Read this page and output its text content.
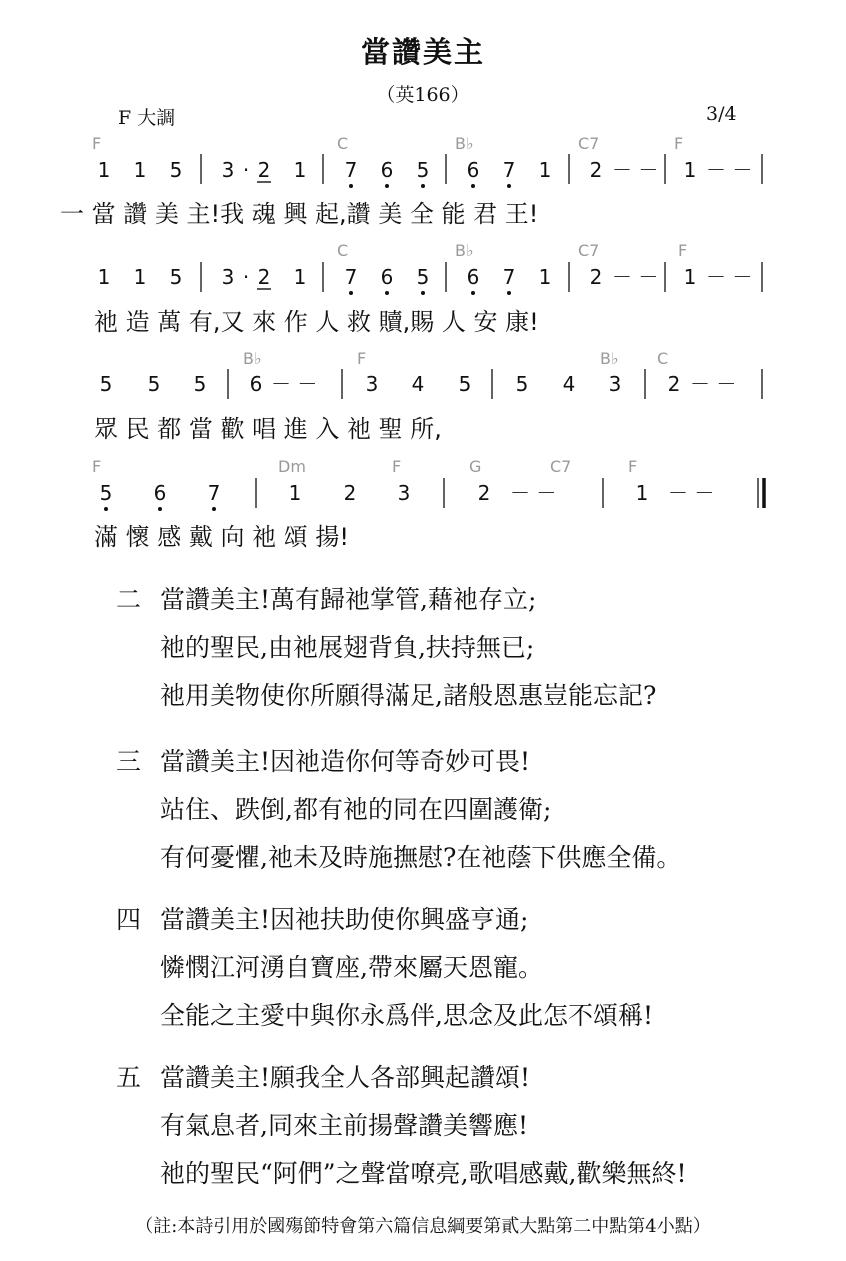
當讚美主
（英166）
F 大調	3/4
F	C	B♭	C7	F
1 1 5 3 · 2 1 7 6 5 6 7 1 2 － － 1 － －
一 當 讚 美 主!我 魂 興 起,讚 美 全 能 君 王!
C	B♭	C7	F
1 1 5 3 · 2 1 7 6 5 6 7 1 2 － － 1 － －
祂 造 萬 有,又 來 作 人 救 贖,賜 人 安 康!
B♭	F	B♭ C
5 5 5 6 － － 3 4 5 5 4 3 2 － －
眾 民 都 當 歡 唱 進 入 祂 聖 所,
F	Dm	F	G	C7	F
5 6 7	1 2 3	2 － －	1 － －
滿 懷 感 戴 向 祂 頌 揚!
二 當讚美主!萬有歸祂掌管,藉祂存立;
祂的聖民,由祂展翅背負,扶持無已;
祂用美物使你所願得滿足,諸般恩惠豈能忘記?
三 當讚美主!因祂造你何等奇妙可畏!
站住、跌倒,都有祂的同在四圍護衛;
有何憂懼,祂未及時施撫慰?在祂蔭下供應全備。
四 當讚美主!因祂扶助使你興盛亨通;
憐憫江河湧自寶座,帶來屬天恩寵。
全能之主愛中與你永爲伴,思念及此怎不頌稱!
五 當讚美主!願我全人各部興起讚頌!
有氣息者,同來主前揚聲讚美響應!
祂的聖民“阿們”之聲當嘹亮,歌唱感戴,歡樂無終!
（註:本詩引用於國殤節特會第六篇信息綱要第貳大點第二中點第4小點）
